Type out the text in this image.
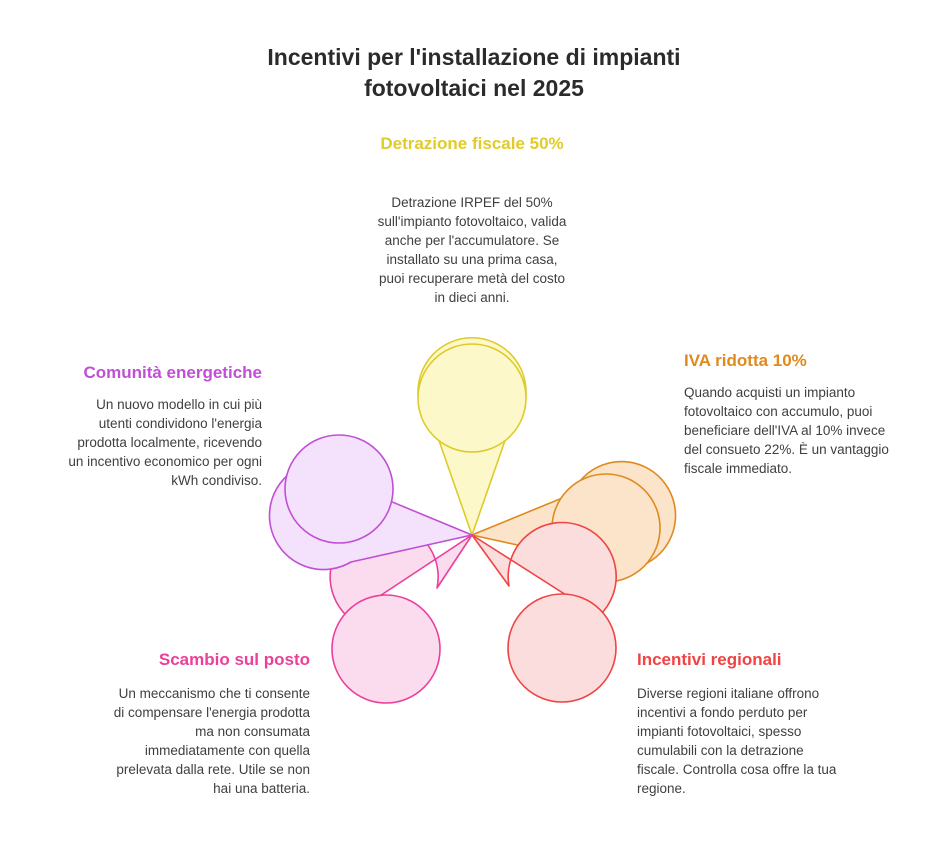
Incentivi per l'installazione di impianti fotovoltaici nel 2025
Detrazione fiscale 50%
Detrazione IRPEF del 50% sull'impianto fotovoltaico, valida anche per l'accumulatore. Se installato su una prima casa, puoi recuperare metà del costo in dieci anni.
IVA ridotta 10%
Quando acquisti un impianto fotovoltaico con accumulo, puoi beneficiare dell'IVA al 10% invece del consueto 22%. È un vantaggio fiscale immediato.
Incentivi regionali
Diverse regioni italiane offrono incentivi a fondo perduto per impianti fotovoltaici, spesso cumulabili con la detrazione fiscale. Controlla cosa offre la tua regione.
Scambio sul posto
Un meccanismo che ti consente di compensare l'energia prodotta ma non consumata immediatamente con quella prelevata dalla rete. Utile se non hai una batteria.
Comunità energetiche
Un nuovo modello in cui più utenti condividono l'energia prodotta localmente, ricevendo un incentivo economico per ogni kWh condiviso.
